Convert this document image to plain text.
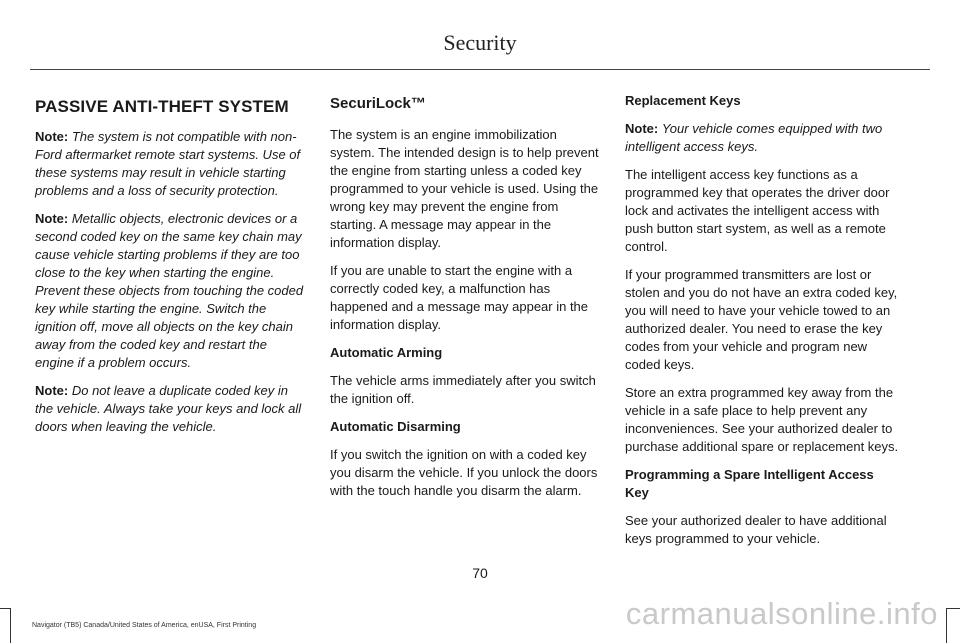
Security
PASSIVE ANTI-THEFT SYSTEM

Note: The system is not compatible with non-Ford aftermarket remote start systems. Use of these systems may result in vehicle starting problems and a loss of security protection.

Note: Metallic objects, electronic devices or a second coded key on the same key chain may cause vehicle starting problems if they are too close to the key when starting the engine. Prevent these objects from touching the coded key while starting the engine. Switch the ignition off, move all objects on the key chain away from the coded key and restart the engine if a problem occurs.

Note: Do not leave a duplicate coded key in the vehicle. Always take your keys and lock all doors when leaving the vehicle.

SecuriLock™

The system is an engine immobilization system. The intended design is to help prevent the engine from starting unless a coded key programmed to your vehicle is used. Using the wrong key may prevent the engine from starting. A message may appear in the information display.

If you are unable to start the engine with a correctly coded key, a malfunction has happened and a message may appear in the information display.

Automatic Arming

The vehicle arms immediately after you switch the ignition off.

Automatic Disarming

If you switch the ignition on with a coded key you disarm the vehicle. If you unlock the doors with the touch handle you disarm the alarm.

Replacement Keys

Note: Your vehicle comes equipped with two intelligent access keys.

The intelligent access key functions as a programmed key that operates the driver door lock and activates the intelligent access with push button start system, as well as a remote control.

If your programmed transmitters are lost or stolen and you do not have an extra coded key, you will need to have your vehicle towed to an authorized dealer. You need to erase the key codes from your vehicle and program new coded keys.

Store an extra programmed key away from the vehicle in a safe place to help prevent any inconveniences. See your authorized dealer to purchase additional spare or replacement keys.

Programming a Spare Intelligent Access Key

See your authorized dealer to have additional keys programmed to your vehicle.

70
Navigator (TB5) Canada/United States of America, enUSA, First Printing	carmanualsonline.info
